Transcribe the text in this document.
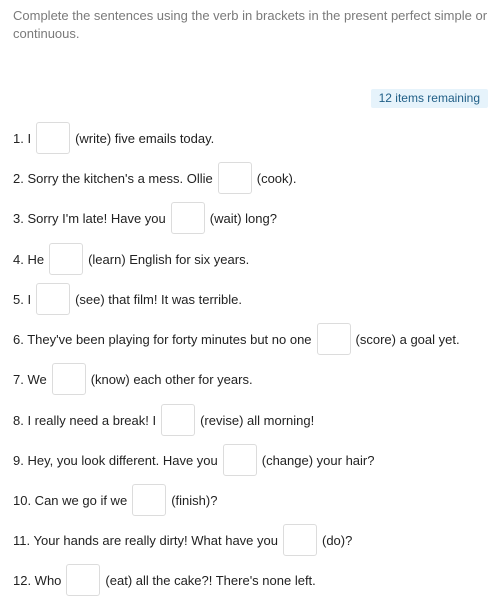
Complete the sentences using the verb in brackets in the present perfect simple or continuous.
12 items remaining
1. I	(write) five emails today.
2. Sorry the kitchen's a mess. Ollie	(cook).
3. Sorry I'm late! Have you	(wait) long?
4. He	(learn) English for six years.
5. I	(see) that film! It was terrible.
6. They've been playing for forty minutes but no one	(score) a goal yet.
7. We	(know) each other for years.
8. I really need a break! I	(revise) all morning!
9. Hey, you look different. Have you	(change) your hair?
10. Can we go if we	(finish)?
11. Your hands are really dirty! What have you	(do)?
12. Who	(eat) all the cake?! There's none left.
